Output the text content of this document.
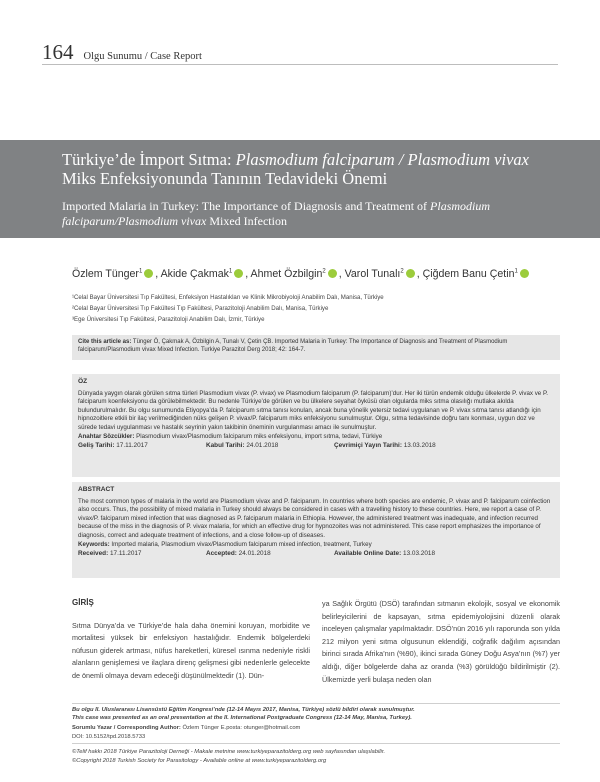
164 Olgu Sunumu / Case Report
Türkiye’de İmport Sıtma: Plasmodium falciparum / Plasmodium vivax
Miks Enfeksiyonunda Tanının Tedavideki Önemi
Imported Malaria in Turkey: The Importance of Diagnosis and Treatment of Plasmodium
falciparum/Plasmodium vivax Mixed Infection
Özlem Tünger$^1$ , Akide Çakmak$^1$ , Ahmet Özbilgin$^2$ , Varol Tunalı$^2$ , Çiğdem Banu Çetin$^1$
¹Celal Bayar Üniversitesi Tıp Fakültesi, Enfeksiyon Hastalıkları ve Klinik Mikrobiyoloji Anabilim Dalı, Manisa, Türkiye
²Celal Bayar Üniversitesi Tıp Fakültesi Tıp Fakültesi, Parazitoloji Anabilim Dalı, Manisa, Türkiye
³Ege Üniversitesi Tıp Fakültesi, Parazitoloji Anabilim Dalı, İzmir, Türkiye
Cite this article as: Tünger Ö, Çakmak A, Özbilgin A, Tunalı V, Çetin ÇB. Imported Malaria in Turkey: The Importance of Diagnosis and Treatment of Plasmodium falciparum/Plasmodium vivax Mixed Infection. Turkiye Parazitol Derg 2018; 42: 164-7.
ÖZ
Dünyada yaygın olarak görülen sıtma türleri Plasmodium vivax (P. vivax) ve Plasmodium falciparum (P. falciparum)’dur. Her iki türün endemik olduğu ülkelerde P. vivax ve P. falciparum koenfeksiyonu da görülebilmektedir. Bu nedenle Türkiye’de görülen ve bu ülkelere seyahat öyküsü olan olgularda miks sıtma olasılığı mutlaka akılda bulundurulmalıdır. Bu olgu sunumunda Etiyopya’da P. falciparum sıtma tanısı konulan, ancak buna yönelik yetersiz tedavi uygulanan ve P. vivax sıtma tanısı atlandığı için hipnozoitlere etkili bir ilaç verilmediğinden nüks gelişen P. vivax/P. falciparum miks enfeksiyonu sunulmuştur. Olgu, sıtma tedavisinde doğru tanı konması, uygun doz ve sürede tedavi uygulanması ve hastalık seyrinin yakın takibinin öneminin vurgulanması amacı ile sunulmuştur.
Anahtar Sözcükler: Plasmodium vivax/Plasmodium falciparum miks enfeksiyonu, import sıtma, tedavi, Türkiye
Geliş Tarihi: 17.11.2017	Kabul Tarihi: 24.01.2018	Çevrimiçi Yayın Tarihi: 13.03.2018
ABSTRACT
The most common types of malaria in the world are Plasmodium vivax and P. falciparum. In countries where both species are endemic, P. vivax and P. falciparum coinfection also occurs. Thus, the possibility of mixed malaria in Turkey should always be considered in cases with a travelling history to these countries. Here, we report a case of P. vivax/P. falciparum mixed infection that was diagnosed as P. falciparum malaria in Ethiopia. However, the administered treatment was inadequate, and infection recurred because of the miss in the diagnosis of P. vivax malaria, for which an effective drug for hypnozoites was not administered. This case report emphasizes the importance of diagnosis, correct and adequate treatment of infections, and a close follow-up of diseases.
Keywords: Imported malaria, Plasmodium vivax/Plasmodium falciparum mixed infection, treatment, Turkey
Received: 17.11.2017	Accepted: 24.01.2018	Available Online Date: 13.03.2018
GİRİŞ
Sıtma Dünya’da ve Türkiye’de hala daha önemini koruyan, morbidite ve mortalitesi yüksek bir enfeksiyon hastalığıdır. Endemik bölgelerdeki nüfusun giderek artması, nüfus hareketleri, küresel ısınma nedeniyle riskli alanların genişlemesi ve ilaçlara direnç gelişmesi gibi nedenlerle gelecekte de önemli olmaya devam edeceği düşünülmektedir (1). Dün-
ya Sağlık Örgütü (DSÖ) tarafından sıtmanın ekolojik, sosyal ve ekonomik belirleyicilerini de kapsayan, sıtma epidemiyolojisini düzenli olarak inceleyen çalışmalar yapılmaktadır. DSÖ’nün 2016 yılı raporunda son yılda 212 milyon yeni sıtma olgusunun eklendiği, coğrafik dağılım açısından birinci sırada Afrika’nın (%90), ikinci sırada Güney Doğu Asya’nın (%7) yer aldığı, diğer bölgelerde daha az oranda (%3) görüldüğü bildirilmiştir (2). Ülkemizde yerli bulaşa neden olan
Bu olgu II. Uluslararası Lisansüstü Eğitim Kongresi’nde (12-14 Mayıs 2017, Manisa, Türkiye) sözlü bildiri olarak sunulmuştur.
This case was presented as an oral presentation at the II. International Postgraduate Congress (12-14 May, Manisa, Turkey).
Sorumlu Yazar / Corresponding Author: Özlem Tünger E.posta: otunger@hotmail.com
DOI: 10.5152/tpd.2018.5733
©Telif hakkı 2018 Türkiye Parazitoloji Derneği - Makale metnine www.turkiyeparazitolderg.org web sayfasından ulaşılabilir.
©Copyright 2018 Turkish Society for Parasitology - Available online at www.turkiyeparazitolderg.org
